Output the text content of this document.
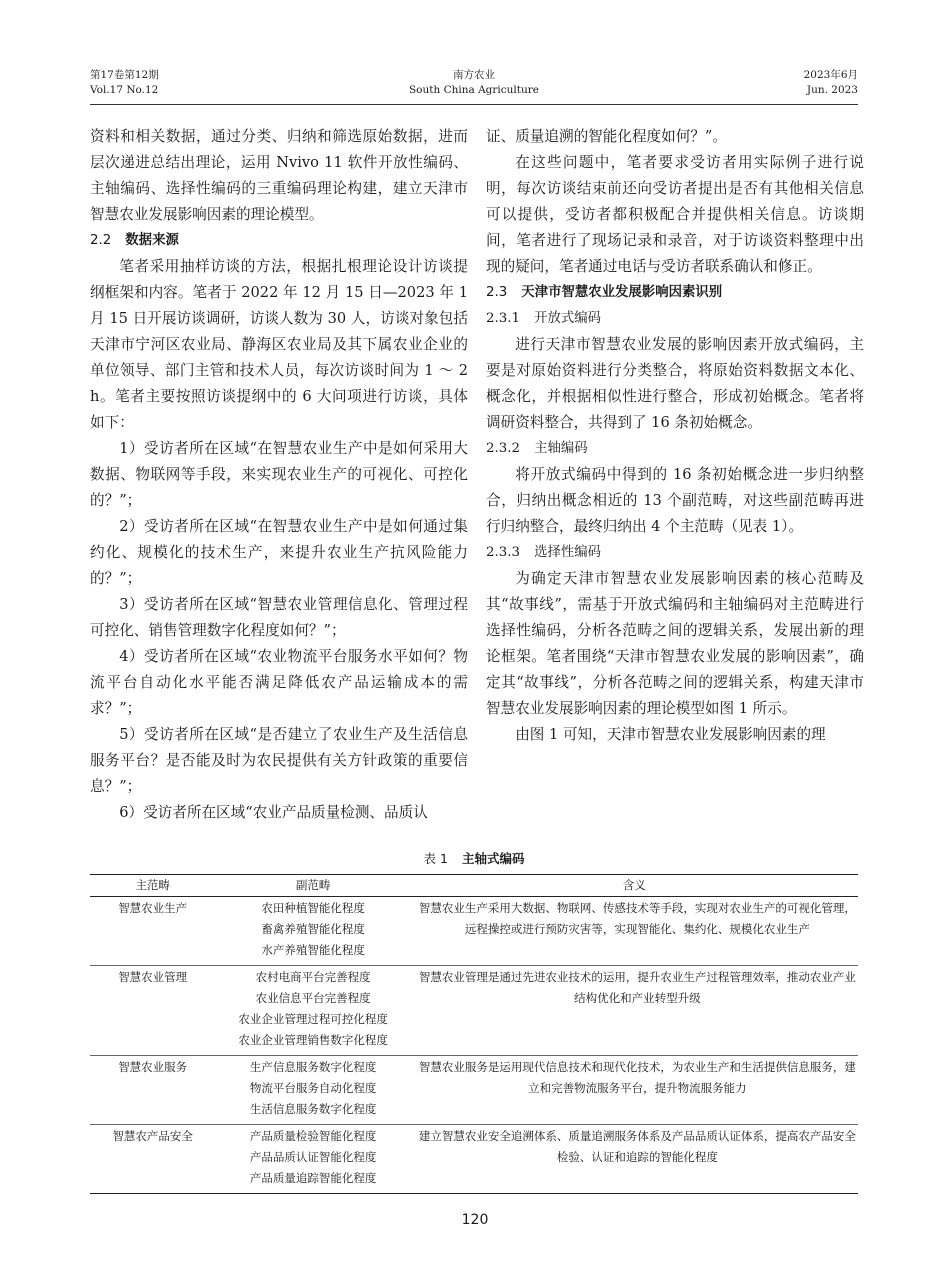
第17卷第12期
Vol.17 No.12
南方农业
South China Agriculture
2023年6月
Jun. 2023

资料和相关数据，通过分类、归纳和筛选原始数据，进而层次递进总结出理论，运用 Nvivo 11 软件开放性编码、主轴编码、选择性编码的三重编码理论构建，建立天津市智慧农业发展影响因素的理论模型。

2.2 数据来源

笔者采用抽样访谈的方法，根据扎根理论设计访谈提纲框架和内容。笔者于 2022 年 12 月 15 日—2023 年 1 月 15 日开展访谈调研，访谈人数为 30 人，访谈对象包括天津市宁河区农业局、静海区农业局及其下属农业企业的单位领导、部门主管和技术人员，每次访谈时间为 1 ～ 2 h。笔者主要按照访谈提纲中的 6 大问项进行访谈，具体如下：

1）受访者所在区域“在智慧农业生产中是如何采用大数据、物联网等手段，来实现农业生产的可视化、可控化的？”；

2）受访者所在区域“在智慧农业生产中是如何通过集约化、规模化的技术生产，来提升农业生产抗风险能力的？”；

3）受访者所在区域“智慧农业管理信息化、管理过程可控化、销售管理数字化程度如何？”；

4）受访者所在区域“农业物流平台服务水平如何？物流平台自动化水平能否满足降低农产品运输成本的需求？”；

5）受访者所在区域“是否建立了农业生产及生活信息服务平台？是否能及时为农民提供有关方针政策的重要信息？”；

6）受访者所在区域“农业产品质量检测、品质认

证、质量追溯的智能化程度如何？”。

在这些问题中，笔者要求受访者用实际例子进行说明，每次访谈结束前还向受访者提出是否有其他相关信息可以提供，受访者都积极配合并提供相关信息。访谈期间，笔者进行了现场记录和录音，对于访谈资料整理中出现的疑问，笔者通过电话与受访者联系确认和修正。

2.3 天津市智慧农业发展影响因素识别
2.3.1 开放式编码

进行天津市智慧农业发展的影响因素开放式编码，主要是对原始资料进行分类整合，将原始资料数据文本化、概念化，并根据相似性进行整合，形成初始概念。笔者将调研资料整合，共得到了 16 条初始概念。

2.3.2 主轴编码

将开放式编码中得到的 16 条初始概念进一步归纳整合，归纳出概念相近的 13 个副范畴，对这些副范畴再进行归纳整合，最终归纳出 4 个主范畴（见表 1）。

2.3.3 选择性编码

为确定天津市智慧农业发展影响因素的核心范畴及其“故事线”，需基于开放式编码和主轴编码对主范畴进行选择性编码，分析各范畴之间的逻辑关系，发展出新的理论框架。笔者围绕“天津市智慧农业发展的影响因素”，确定其“故事线”，分析各范畴之间的逻辑关系，构建天津市智慧农业发展影响因素的理论模型如图 1 所示。

由图 1 可知，天津市智慧农业发展影响因素的理

表 1 主轴式编码
主范畴	副范畴	含义
智慧农业生产	农田种植智能化程度
畜禽养殖智能化程度
水产养殖智能化程度	智慧农业生产采用大数据、物联网、传感技术等手段，实现对农业生产的可视化管理，远程操控或进行预防灾害等，实现智能化、集约化、规模化农业生产
智慧农业管理	农村电商平台完善程度
农业信息平台完善程度
农业企业管理过程可控化程度
农业企业管理销售数字化程度	智慧农业管理是通过先进农业技术的运用，提升农业生产过程管理效率，推动农业产业结构优化和产业转型升级
智慧农业服务	生产信息服务数字化程度
物流平台服务自动化程度
生活信息服务数字化程度	智慧农业服务是运用现代信息技术和现代化技术，为农业生产和生活提供信息服务，建立和完善物流服务平台，提升物流服务能力
智慧农产品安全	产品质量检验智能化程度
产品品质认证智能化程度
产品质量追踪智能化程度	建立智慧农业安全追溯体系、质量追溯服务体系及产品品质认证体系，提高农产品安全检验、认证和追踪的智能化程度
120
